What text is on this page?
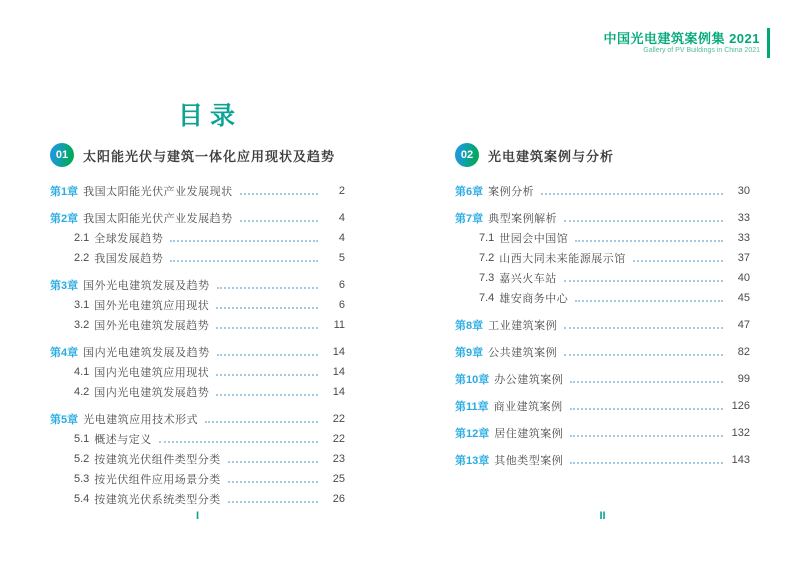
中国光电建筑案例集 2021
Gallery of PV Buildings in China 2021
目录
01	太阳能光伏与建筑一体化应用现状及趋势	02	光电建筑案例与分析
第1章 我国太阳能光伏产业发展现状	2
第2章 我国太阳能光伏产业发展趋势	4
2.1 全球发展趋势	4
2.2 我国发展趋势	5
第3章 国外光电建筑发展及趋势	6
3.1 国外光电建筑应用现状	6
3.2 国外光电建筑发展趋势	11
第4章 国内光电建筑发展及趋势	14
4.1 国内光电建筑应用现状	14
4.2 国内光电建筑发展趋势	14
第5章 光电建筑应用技术形式	22
5.1 概述与定义	22
5.2 按建筑光伏组件类型分类	23
5.3 按光伏组件应用场景分类	25
5.4 按建筑光伏系统类型分类	26
第6章 案例分析	30
第7章 典型案例解析	33
7.1 世园会中国馆	33
7.2 山西大同未来能源展示馆	37
7.3 嘉兴火车站	40
7.4 雄安商务中心	45
第8章 工业建筑案例	47
第9章 公共建筑案例	82
第10章 办公建筑案例	99
第11章 商业建筑案例	126
第12章 居住建筑案例	132
第13章 其他类型案例	143
I	II
